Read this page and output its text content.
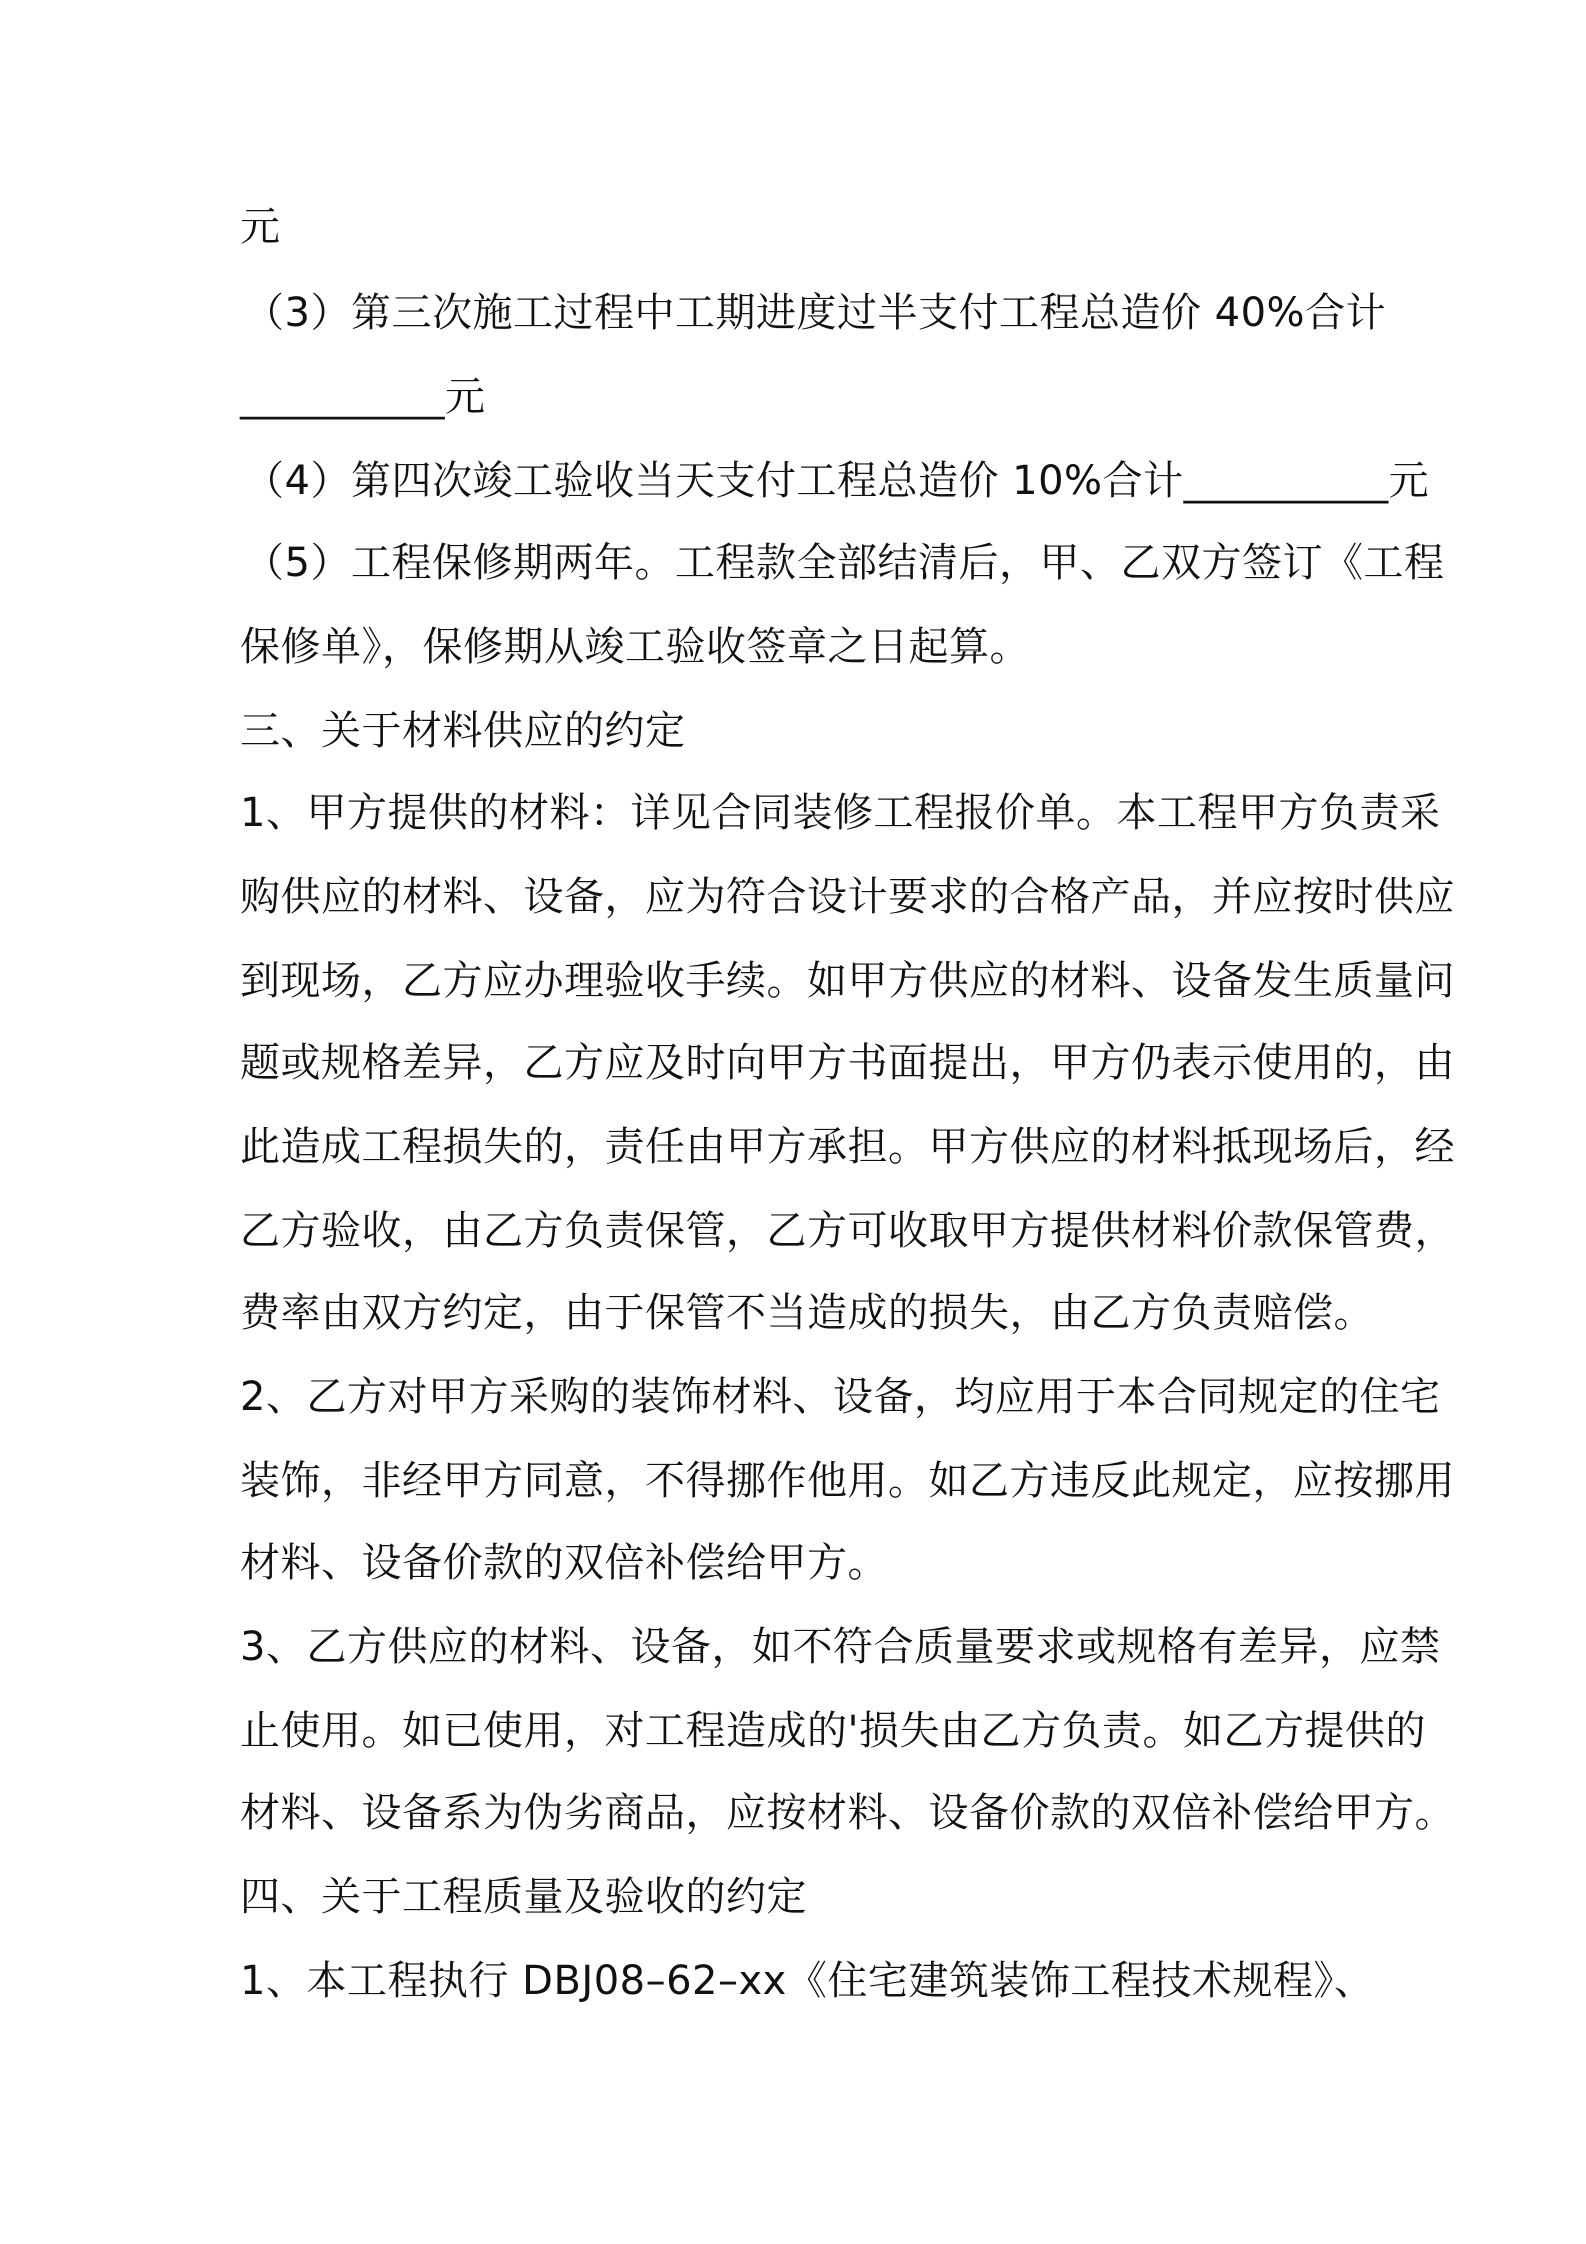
元
（3）第三次施工过程中工期进度过半支付工程总造价 40%合计
__________元
（4）第四次竣工验收当天支付工程总造价 10%合计__________元
（5）工程保修期两年。工程款全部结清后，甲、乙双方签订《工程
保修单》，保修期从竣工验收签章之日起算。
三、关于材料供应的约定
1、甲方提供的材料：详见合同装修工程报价单。本工程甲方负责采
购供应的材料、设备，应为符合设计要求的合格产品，并应按时供应
到现场，乙方应办理验收手续。如甲方供应的材料、设备发生质量问
题或规格差异，乙方应及时向甲方书面提出，甲方仍表示使用的，由
此造成工程损失的，责任由甲方承担。甲方供应的材料抵现场后，经
乙方验收，由乙方负责保管，乙方可收取甲方提供材料价款保管费，
费率由双方约定，由于保管不当造成的损失，由乙方负责赔偿。
2、乙方对甲方采购的装饰材料、设备，均应用于本合同规定的住宅
装饰，非经甲方同意，不得挪作他用。如乙方违反此规定，应按挪用
材料、设备价款的双倍补偿给甲方。
3、乙方供应的材料、设备，如不符合质量要求或规格有差异，应禁
止使用。如已使用，对工程造成的'损失由乙方负责。如乙方提供的
材料、设备系为伪劣商品，应按材料、设备价款的双倍补偿给甲方。
四、关于工程质量及验收的约定
1、本工程执行 DBJ08–62–xx《住宅建筑装饰工程技术规程》、
